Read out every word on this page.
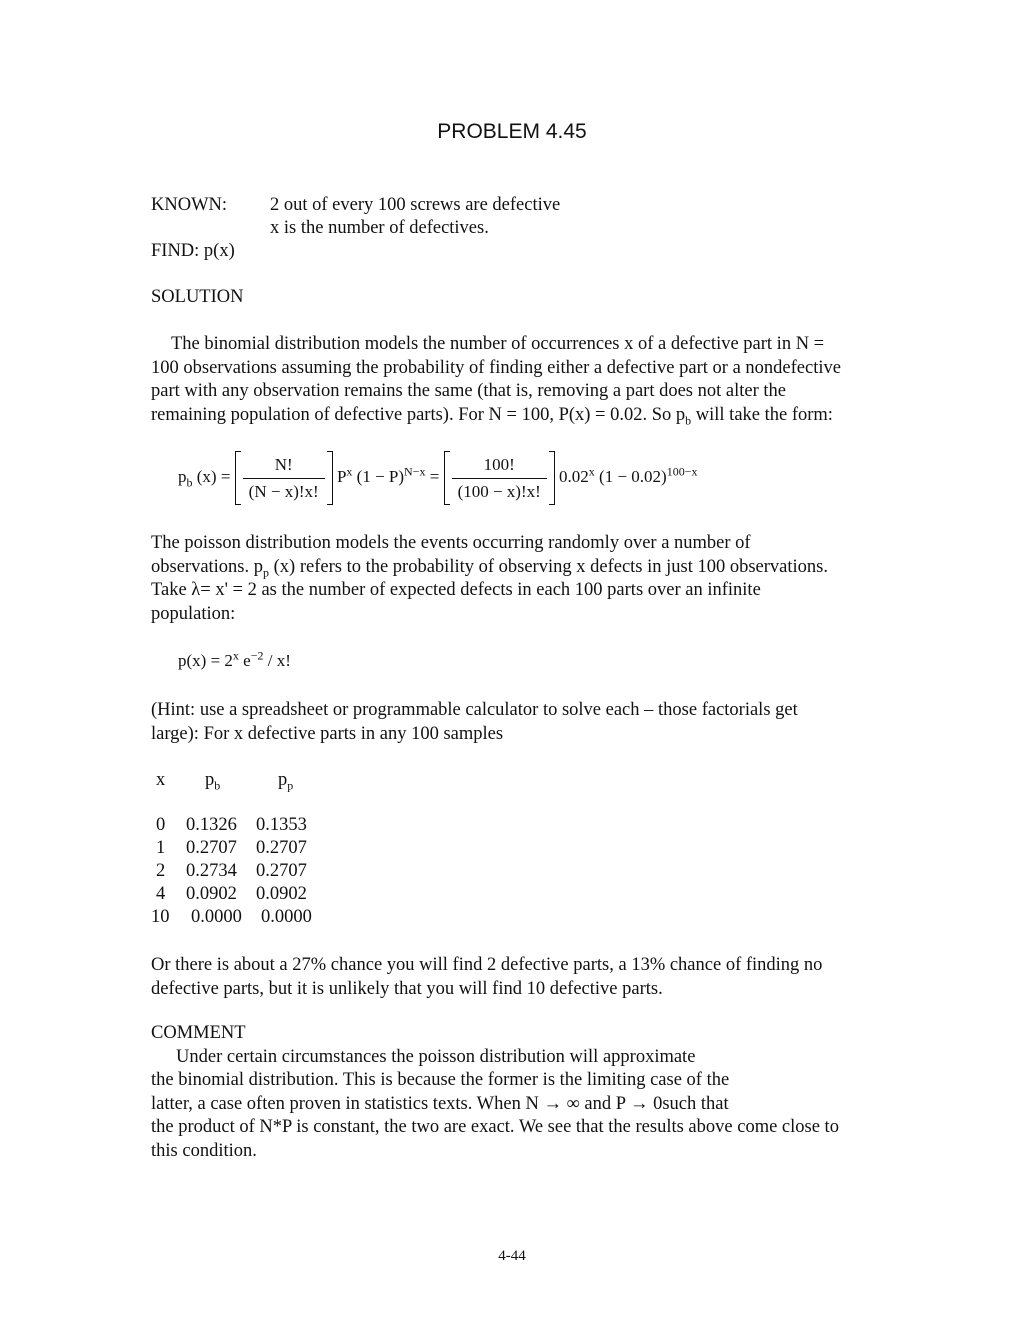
PROBLEM 4.45
KNOWN: 2 out of every 100 screws are defective
x is the number of defectives.
FIND: p(x)
SOLUTION
The binomial distribution models the number of occurrences x of a defective part in N =
100 observations assuming the probability of finding either a defective part or a nondefective
part with any observation remains the same (that is, removing a part does not alter the
remaining population of defective parts). For N = 100, P(x) = 0.02. So $p_b$ will take the form:
$p_b$ $(x) = \frac{N!}{(N - x)!x!} P^x$ $(1 - P)^{N-x} = \frac{100!}{(100 - x)!x!} 0.02^x$ $(1 - 0.02)^{100-x}$
The poisson distribution models the events occurring randomly over a number of
observations. $p_p$ (x) refers to the probability of observing x defects in just 100 observations.
Take λ= x' = 2 as the number of expected defects in each 100 parts over an infinite
population:
$p(x) = 2^x$ $e^{-2}$ / x!
(Hint: use a spreadsheet or programmable calculator to solve each – those factorials get
large): For x defective parts in any 100 samples
x $p_b$	$p_p$
0 0.1326 0.1353
1 0.2707 0.2707
2 0.2734 0.2707
4 0.0902 0.0902
10 0.0000 0.0000
Or there is about a 27% chance you will find 2 defective parts, a 13% chance of finding no
defective parts, but it is unlikely that you will find 10 defective parts.
COMMENT
Under certain circumstances the poisson distribution will approximate
the binomial distribution. This is because the former is the limiting case of the
latter, a case often proven in statistics texts. When N → ∞ and P → 0such that
the product of N*P is constant, the two are exact. We see that the results above come close to
this condition.
4-44
